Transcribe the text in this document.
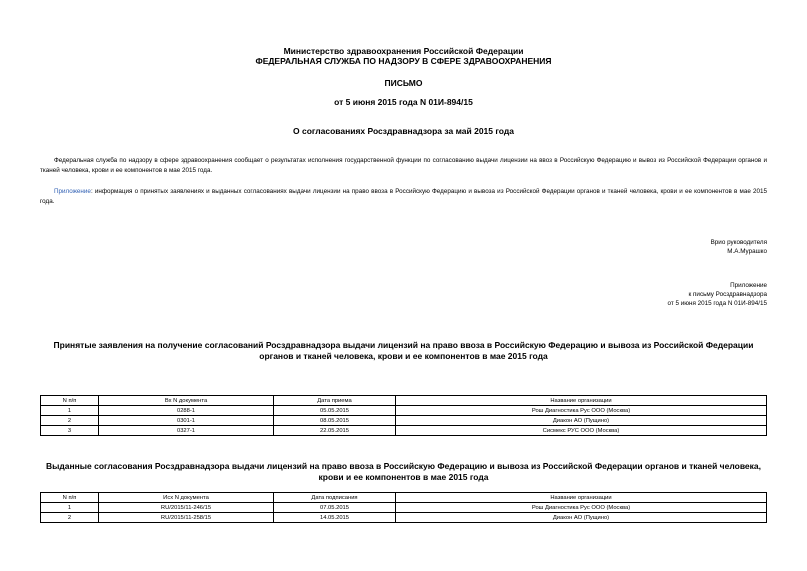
Министерство здравоохранения Российской Федерации
ФЕДЕРАЛЬНАЯ СЛУЖБА ПО НАДЗОРУ В СФЕРЕ ЗДРАВООХРАНЕНИЯ
ПИСЬМО
от 5 июня 2015 года N 01И-894/15
О согласованиях Росздравнадзора за май 2015 года
Федеральная служба по надзору в сфере здравоохранения сообщает о результатах исполнения государственной функции по согласованию выдачи лицензии на ввоз в Российскую Федерацию и вывоз из Российской Федерации органов и тканей человека, крови и ее компонентов в мае 2015 года.
Приложение: информация о принятых заявлениях и выданных согласованиях выдачи лицензии на право ввоза в Российскую Федерацию и вывоза из Российской Федерации органов и тканей человека, крови и ее компонентов в мае 2015 года.
Врио руководителя
М.А.Мурашко
Приложение
к письму Росздравнадзора
от 5 июня 2015 года N 01И-894/15
Принятые заявления на получение согласований Росздравнадзора выдачи лицензий на право ввоза в Российскую Федерацию и вывоза из Российской Федерации органов и тканей человека, крови и ее компонентов в мае 2015 года
N п/п	Вх N документа	Дата приема	Название организации
1	0288-1	05.05.2015	Рош Диагностика Рус ООО (Москва)
2	0301-1	08.05.2015	Диакон АО (Пущино)
3	0327-1	22.05.2015	Сисмекс РУС ООО (Москва)
Выданные согласования Росздравнадзора выдачи лицензий на право ввоза в Российскую Федерацию и вывоза из Российской Федерации органов и тканей человека, крови и ее компонентов в мае 2015 года
N п/п	Исх N документа	Дата подписания	Название организации
1	RU/2015/11-246/15	07.05.2015	Рош Диагностика Рус ООО (Москва)
2	RU/2015/11-258/15	14.05.2015	Диакон АО (Пущино)
